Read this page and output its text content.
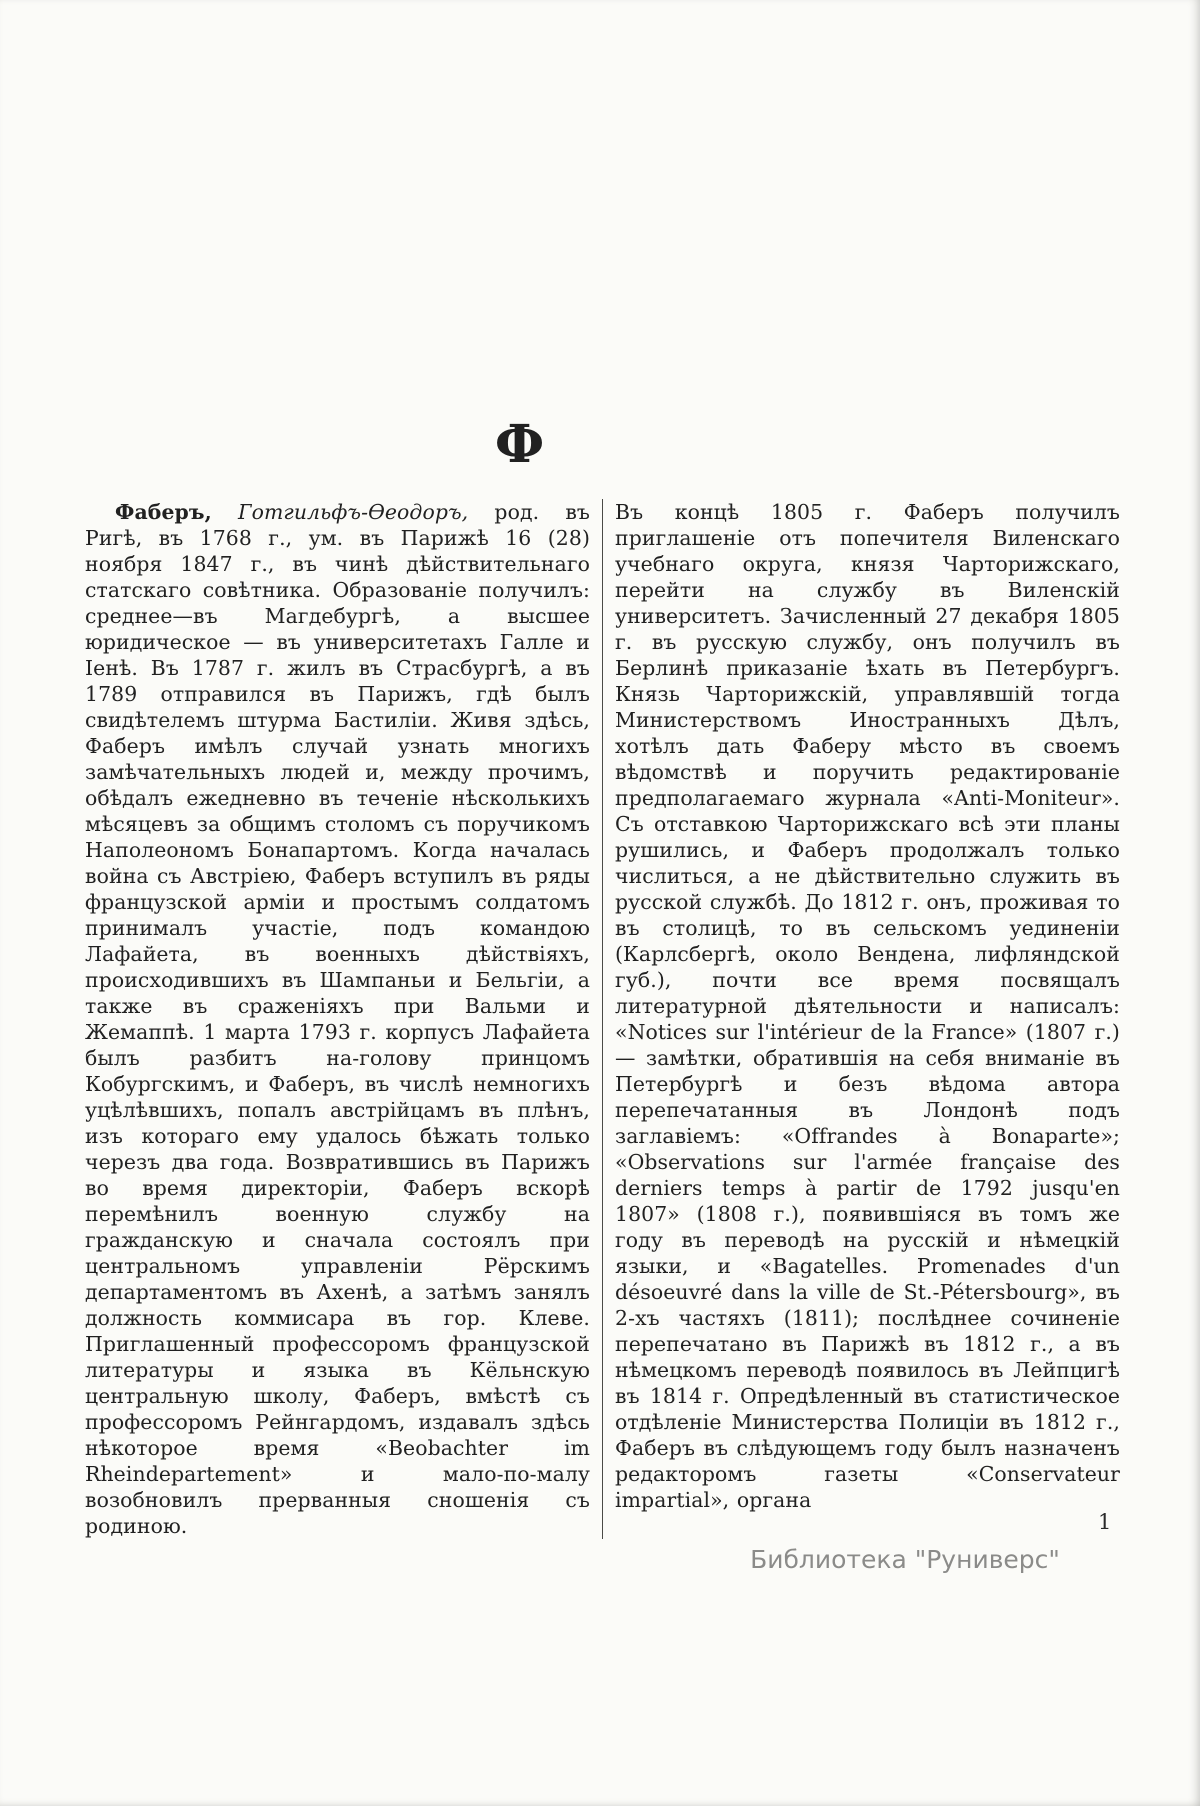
Ф

Фаберъ, Готгильфъ-Ѳеодоръ, род. въ Ригѣ, въ 1768 г., ум. въ Парижѣ 16 (28) ноября 1847 г., въ чинѣ дѣйствительнаго статскаго совѣтника. Образованіе получилъ: среднее—въ Магдебургѣ, а высшее юридическое — въ университетахъ Галле и Іенѣ. Въ 1787 г. жилъ въ Страсбургѣ, а въ 1789 отправился въ Парижъ, гдѣ былъ свидѣтелемъ штурма Бастиліи. Живя здѣсь, Фаберъ имѣлъ случай узнать многихъ замѣчательныхъ людей и, между прочимъ, обѣдалъ ежедневно въ теченіе нѣсколькихъ мѣсяцевъ за общимъ столомъ съ поручикомъ Наполеономъ Бонапартомъ. Когда началась война съ Австріею, Фаберъ вступилъ въ ряды французской арміи и простымъ солдатомъ принималъ участіе, подъ командою Лафайета, въ военныхъ дѣйствіяхъ, происходившихъ въ Шампаньи и Бельгіи, а также въ сраженіяхъ при Вальми и Жемаппѣ. 1 марта 1793 г. корпусъ Лафайета былъ разбитъ на-голову принцомъ Кобургскимъ, и Фаберъ, въ числѣ немногихъ уцѣлѣвшихъ, попалъ австрійцамъ въ плѣнъ, изъ котораго ему удалось бѣжать только черезъ два года. Возвратившись въ Парижъ во время директоріи, Фаберъ вскорѣ перемѣнилъ военную службу на гражданскую и сначала состоялъ при центральномъ управленіи Рёрскимъ департаментомъ въ Ахенѣ, а затѣмъ занялъ должность коммисара въ гор. Клеве. Приглашенный профессоромъ французской литературы и языка въ Кёльнскую центральную школу, Фаберъ, вмѣстѣ съ профессоромъ Рейнгардомъ, издавалъ здѣсь нѣкоторое время «Beobachter im Rheindepartement» и мало-по-малу возобновилъ прерванныя сношенія съ родиною.

Въ концѣ 1805 г. Фаберъ получилъ приглашеніе отъ попечителя Виленскаго учебнаго округа, князя Чарторижскаго, перейти на службу въ Виленскій университетъ. Зачисленный 27 декабря 1805 г. въ русскую службу, онъ получилъ въ Берлинѣ приказаніе ѣхать въ Петербургъ. Князь Чарторижскій, управлявшій тогда Министерствомъ Иностранныхъ Дѣлъ, хотѣлъ дать Фаберу мѣсто въ своемъ вѣдомствѣ и поручить редактированіе предполагаемаго журнала «Anti-Moniteur». Съ отставкою Чарторижскаго всѣ эти планы рушились, и Фаберъ продолжалъ только числиться, а не дѣйствительно служить въ русской службѣ. До 1812 г. онъ, проживая то въ столицѣ, то въ сельскомъ уединеніи (Карлсбергѣ, около Вендена, лифляндской губ.), почти все время посвящалъ литературной дѣятельности и написалъ: «Notices sur l'intérieur de la France» (1807 г.) — замѣтки, обратившія на себя вниманіе въ Петербургѣ и безъ вѣдома автора перепечатанныя въ Лондонѣ подъ заглавіемъ: «Offrandes à Bonaparte»; «Observations sur l'armée française des derniers temps à partir de 1792 jusqu'en 1807» (1808 г.), появившіяся въ томъ же году въ переводѣ на русскій и нѣмецкій языки, и «Bagatelles. Promenades d'un désoeuvré dans la ville de St.-Pétersbourg», въ 2-хъ частяхъ (1811); послѣднее сочиненіе перепечатано въ Парижѣ въ 1812 г., а въ нѣмецкомъ переводѣ появилось въ Лейпцигѣ въ 1814 г. Опредѣленный въ статистическое отдѣленіе Министерства Полиціи въ 1812 г., Фаберъ въ слѣдующемъ году былъ назначенъ редакторомъ газеты «Conservateur impartial», органа

1
Библиотека "Руниверс"
